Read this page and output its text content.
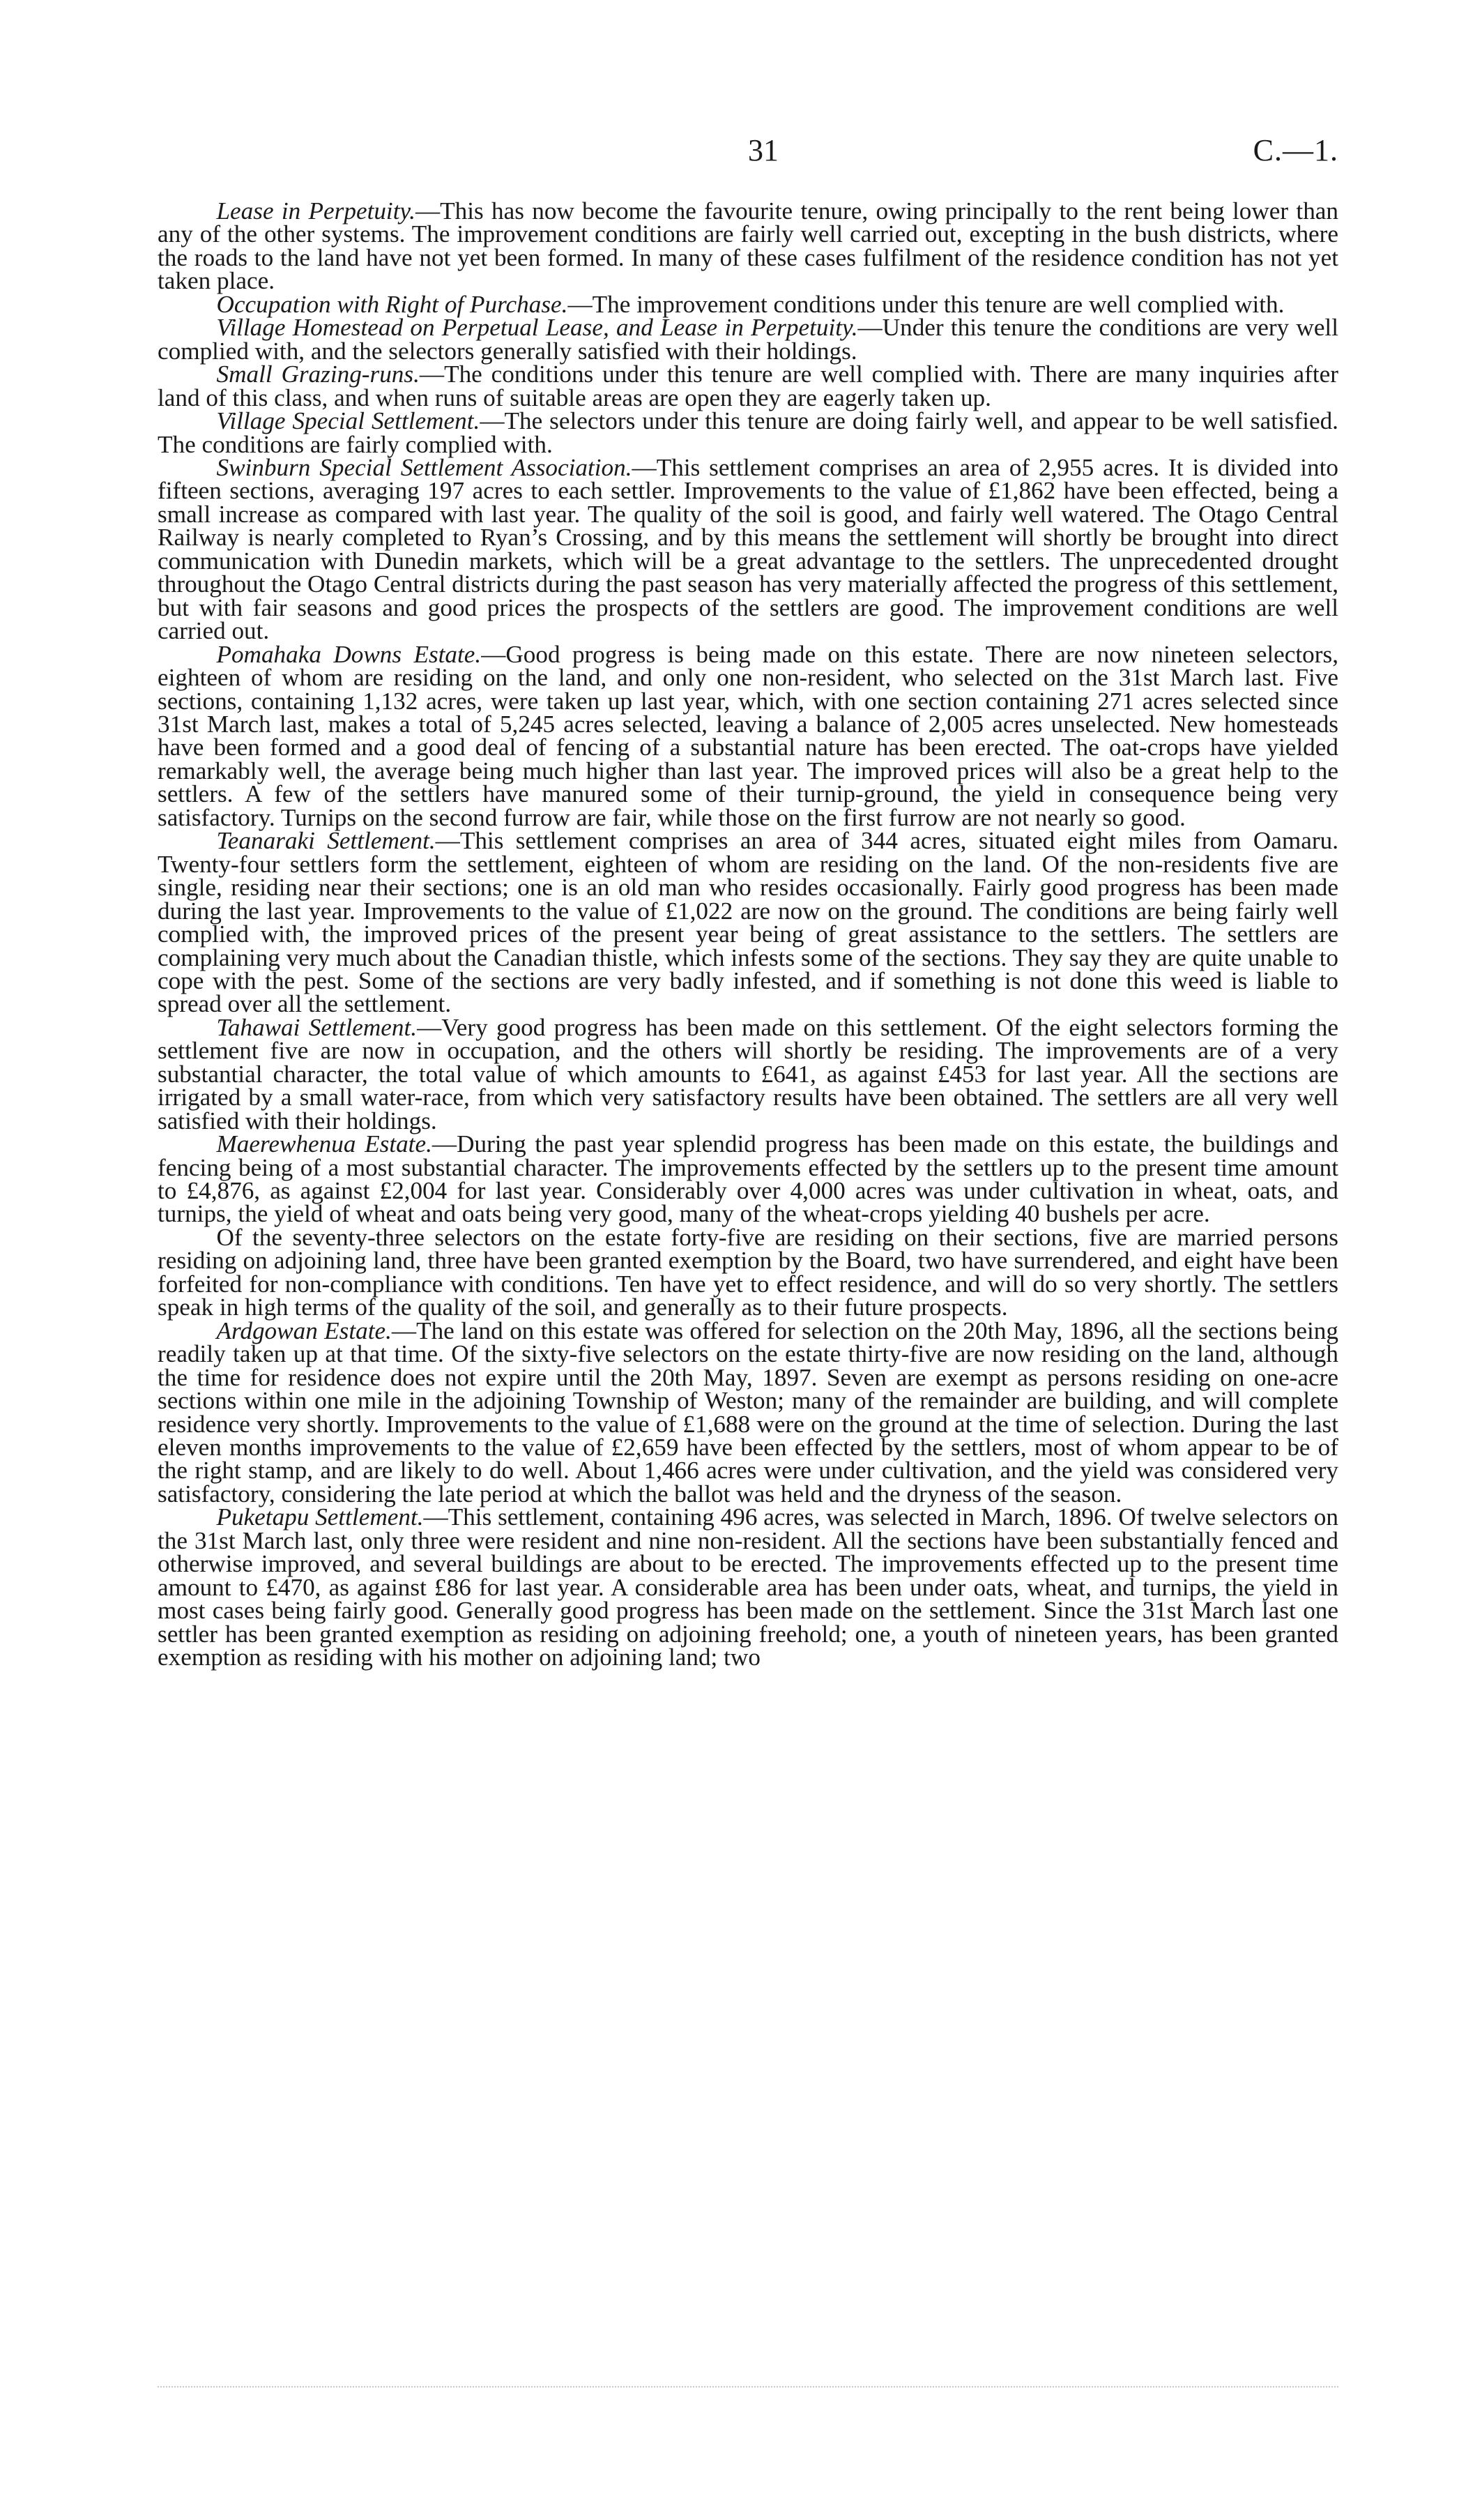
31	C.—1.

Lease in Perpetuity.—This has now become the favourite tenure, owing principally to the rent being lower than any of the other systems. The improvement conditions are fairly well carried out, excepting in the bush districts, where the roads to the land have not yet been formed. In many of these cases fulfilment of the residence condition has not yet taken place.

Occupation with Right of Purchase.—The improvement conditions under this tenure are well complied with.

Village Homestead on Perpetual Lease, and Lease in Perpetuity.—Under this tenure the conditions are very well complied with, and the selectors generally satisfied with their holdings.

Small Grazing-runs.—The conditions under this tenure are well complied with. There are many inquiries after land of this class, and when runs of suitable areas are open they are eagerly taken up.

Village Special Settlement.—The selectors under this tenure are doing fairly well, and appear to be well satisfied. The conditions are fairly complied with.

Swinburn Special Settlement Association.—This settlement comprises an area of 2,955 acres. It is divided into fifteen sections, averaging 197 acres to each settler. Improvements to the value of £1,862 have been effected, being a small increase as compared with last year. The quality of the soil is good, and fairly well watered. The Otago Central Railway is nearly completed to Ryan’s Crossing, and by this means the settlement will shortly be brought into direct communication with Dunedin markets, which will be a great advantage to the settlers. The unprecedented drought throughout the Otago Central districts during the past season has very materially affected the progress of this settlement, but with fair seasons and good prices the prospects of the settlers are good. The improvement conditions are well carried out.

Pomahaka Downs Estate.—Good progress is being made on this estate. There are now nineteen selectors, eighteen of whom are residing on the land, and only one non-resident, who selected on the 31st March last. Five sections, containing 1,132 acres, were taken up last year, which, with one section containing 271 acres selected since 31st March last, makes a total of 5,245 acres selected, leaving a balance of 2,005 acres unselected. New homesteads have been formed and a good deal of fencing of a substantial nature has been erected. The oat-crops have yielded remarkably well, the average being much higher than last year. The improved prices will also be a great help to the settlers. A few of the settlers have manured some of their turnip-ground, the yield in consequence being very satisfactory. Turnips on the second furrow are fair, while those on the first furrow are not nearly so good.

Teanaraki Settlement.—This settlement comprises an area of 344 acres, situated eight miles from Oamaru. Twenty-four settlers form the settlement, eighteen of whom are residing on the land. Of the non-residents five are single, residing near their sections; one is an old man who resides occasionally. Fairly good progress has been made during the last year. Improvements to the value of £1,022 are now on the ground. The conditions are being fairly well complied with, the improved prices of the present year being of great assistance to the settlers. The settlers are complaining very much about the Canadian thistle, which infests some of the sections. They say they are quite unable to cope with the pest. Some of the sections are very badly infested, and if something is not done this weed is liable to spread over all the settlement.

Tahawai Settlement.—Very good progress has been made on this settlement. Of the eight selectors forming the settlement five are now in occupation, and the others will shortly be residing. The improvements are of a very substantial character, the total value of which amounts to £641, as against £453 for last year. All the sections are irrigated by a small water-race, from which very satisfactory results have been obtained. The settlers are all very well satisfied with their holdings.

Maerewhenua Estate.—During the past year splendid progress has been made on this estate, the buildings and fencing being of a most substantial character. The improvements effected by the settlers up to the present time amount to £4,876, as against £2,004 for last year. Considerably over 4,000 acres was under cultivation in wheat, oats, and turnips, the yield of wheat and oats being very good, many of the wheat-crops yielding 40 bushels per acre.

Of the seventy-three selectors on the estate forty-five are residing on their sections, five are married persons residing on adjoining land, three have been granted exemption by the Board, two have surrendered, and eight have been forfeited for non-compliance with conditions. Ten have yet to effect residence, and will do so very shortly. The settlers speak in high terms of the quality of the soil, and generally as to their future prospects.

Ardgowan Estate.—The land on this estate was offered for selection on the 20th May, 1896, all the sections being readily taken up at that time. Of the sixty-five selectors on the estate thirty-five are now residing on the land, although the time for residence does not expire until the 20th May, 1897. Seven are exempt as persons residing on one-acre sections within one mile in the adjoining Township of Weston; many of the remainder are building, and will complete residence very shortly. Improvements to the value of £1,688 were on the ground at the time of selection. During the last eleven months improvements to the value of £2,659 have been effected by the settlers, most of whom appear to be of the right stamp, and are likely to do well. About 1,466 acres were under cultivation, and the yield was considered very satisfactory, considering the late period at which the ballot was held and the dryness of the season.

Puketapu Settlement.—This settlement, containing 496 acres, was selected in March, 1896. Of twelve selectors on the 31st March last, only three were resident and nine non-resident. All the sections have been substantially fenced and otherwise improved, and several buildings are about to be erected. The improvements effected up to the present time amount to £470, as against £86 for last year. A considerable area has been under oats, wheat, and turnips, the yield in most cases being fairly good. Generally good progress has been made on the settlement. Since the 31st March last one settler has been granted exemption as residing on adjoining freehold; one, a youth of nineteen years, has been granted exemption as residing with his mother on adjoining land; two
